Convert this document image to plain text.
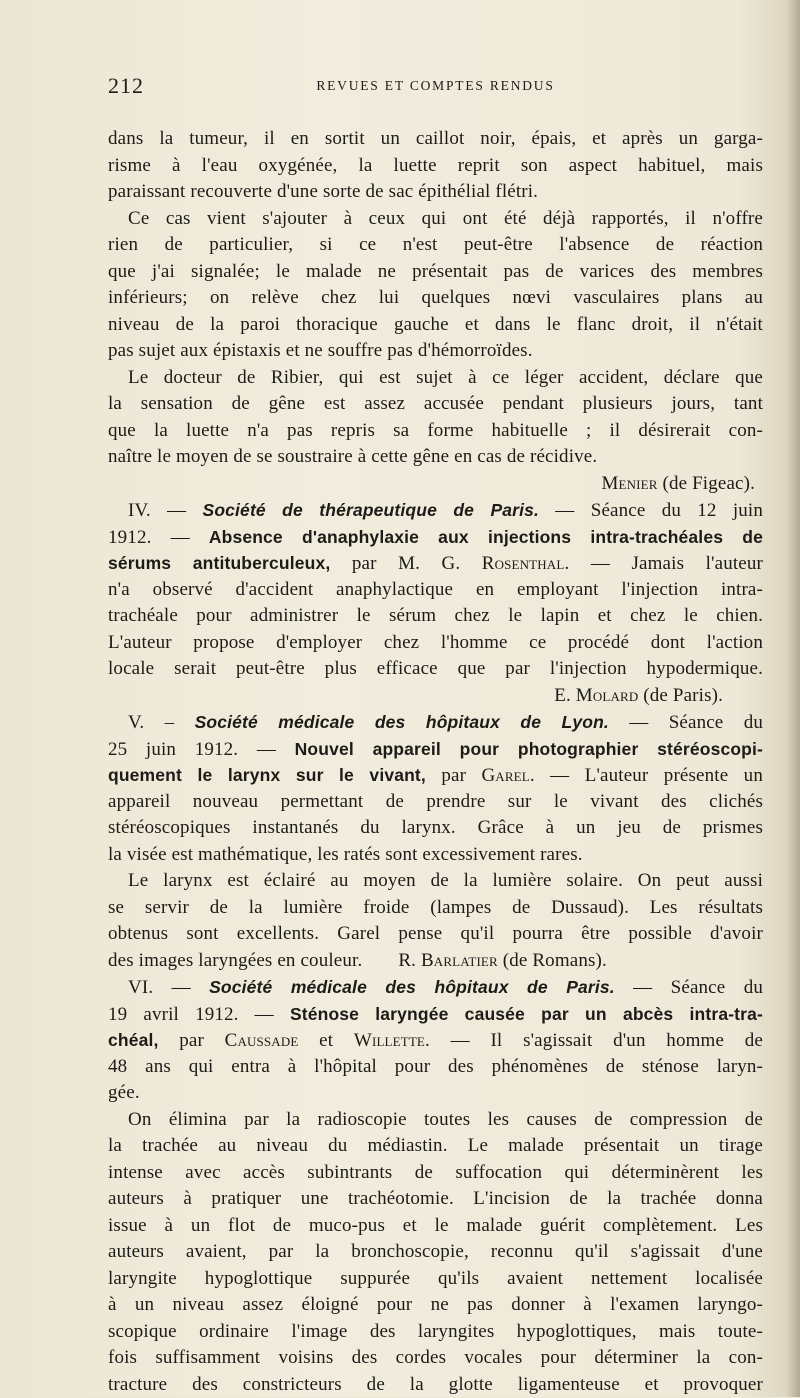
212	REVUES ET COMPTES RENDUS
dans la tumeur, il en sortit un caillot noir, épais, et après un garga-
risme à l'eau oxygénée, la luette reprit son aspect habituel, mais
paraissant recouverte d'une sorte de sac épithélial flétri.
Ce cas vient s'ajouter à ceux qui ont été déjà rapportés, il n'offre
rien de particulier, si ce n'est peut-être l'absence de réaction
que j'ai signalée; le malade ne présentait pas de varices des membres
inférieurs; on relève chez lui quelques nœvi vasculaires plans au
niveau de la paroi thoracique gauche et dans le flanc droit, il n'était
pas sujet aux épistaxis et ne souffre pas d'hémorroïdes.
Le docteur de Ribier, qui est sujet à ce léger accident, déclare que
la sensation de gêne est assez accusée pendant plusieurs jours, tant
que la luette n'a pas repris sa forme habituelle ; il désirerait con-
naître le moyen de se soustraire à cette gêne en cas de récidive.
Menier (de Figeac).
IV. — Société de thérapeutique de Paris. — Séance du 12 juin
1912. — Absence d'anaphylaxie aux injections intra-trachéales de
sérums antituberculeux, par M. G. Rosenthal. — Jamais l'auteur
n'a observé d'accident anaphylactique en employant l'injection intra-
trachéale pour administrer le sérum chez le lapin et chez le chien.
L'auteur propose d'employer chez l'homme ce procédé dont l'action
locale serait peut-être plus efficace que par l'injection hypodermique.
E. Molard (de Paris).
V. – Société médicale des hôpitaux de Lyon. — Séance du
25 juin 1912. — Nouvel appareil pour photographier stéréoscopi-
quement le larynx sur le vivant, par Garel. — L'auteur présente un
appareil nouveau permettant de prendre sur le vivant des clichés
stéréoscopiques instantanés du larynx. Grâce à un jeu de prismes
la visée est mathématique, les ratés sont excessivement rares.
Le larynx est éclairé au moyen de la lumière solaire. On peut aussi
se servir de la lumière froide (lampes de Dussaud). Les résultats
obtenus sont excellents. Garel pense qu'il pourra être possible d'avoir
des images laryngées en couleur. R. Barlatier (de Romans).
VI. — Société médicale des hôpitaux de Paris. — Séance du
19 avril 1912. — Sténose laryngée causée par un abcès intra-tra-
chéal, par Caussade et Willette. — Il s'agissait d'un homme de
48 ans qui entra à l'hôpital pour des phénomènes de sténose laryn-
gée.
On élimina par la radioscopie toutes les causes de compression de
la trachée au niveau du médiastin. Le malade présentait un tirage
intense avec accès subintrants de suffocation qui déterminèrent les
auteurs à pratiquer une trachéotomie. L'incision de la trachée donna
issue à un flot de muco-pus et le malade guérit complètement. Les
auteurs avaient, par la bronchoscopie, reconnu qu'il s'agissait d'une
laryngite hypoglottique suppurée qu'ils avaient nettement localisée
à un niveau assez éloigné pour ne pas donner à l'examen laryngo-
scopique ordinaire l'image des laryngites hypoglottiques, mais toute-
fois suffisamment voisins des cordes vocales pour déterminer la con-
tracture des constricteurs de la glotte ligamenteuse et provoquer
